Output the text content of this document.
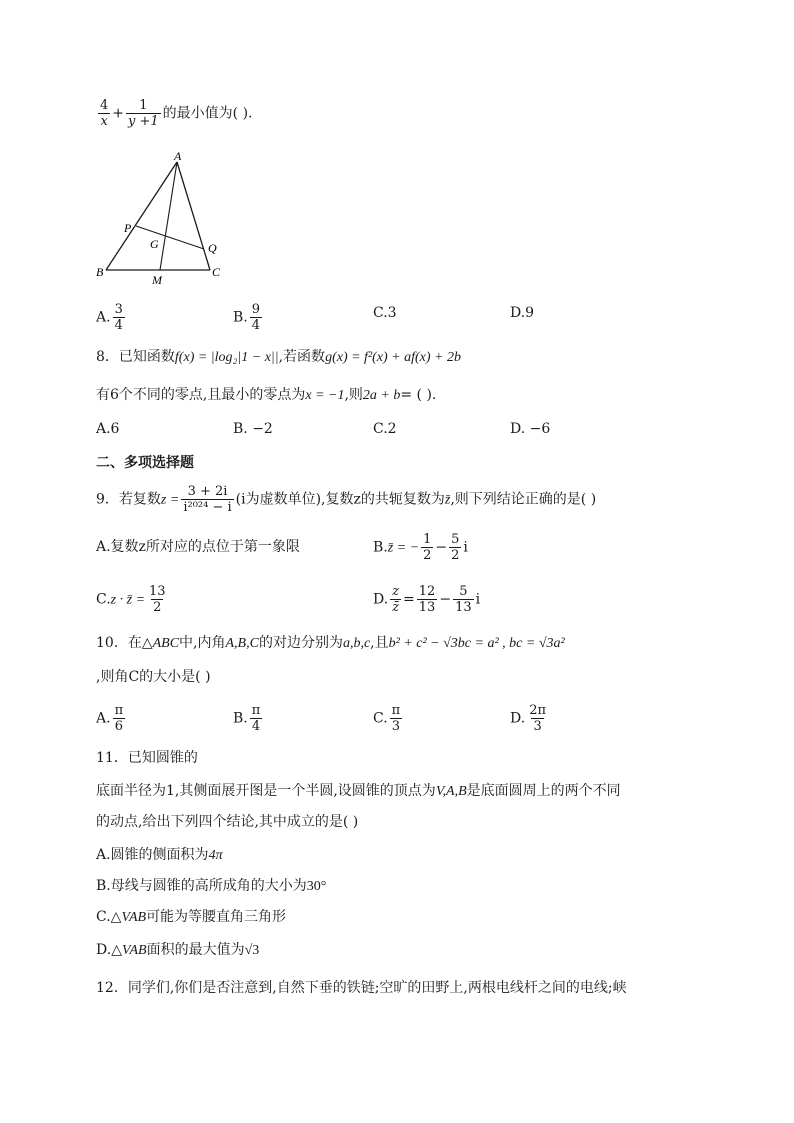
$\frac{4}{x} + \frac{1}{y +1}$ 的最小值为( ).
A
B	C
P
Q
G
M
A. $\frac{3}{4}$	B. $\frac{9}{4}$	C.3	D.9
8．已知函数f(x) = |log₂|1 − x||,若函数g(x) = f²(x) + af(x) + 2b
有6个不同的零点,且最小的零点为x = −1,则2a + b= ( ).
A.6	B. −2	C.2	D. −6
二、多项选择题
9．若复数$z = \frac{3 + 2i}{\text{i²⁰²⁴ − i}} (i$为虚数单位),复数z的共轭复数为z̄,则下列结论正确的是( )
A.复数z所对应的点位于第一象限	B.z̄ = − $\frac{1}{2} - \frac{5}{2}$ i
C.z · z̄ = $\frac{13}{2}$	D. $\frac{z}{z̄} = \frac{12}{13} - \frac{5}{13}$ i
10．在△ABC中,内角A,B,C的对边分别为a,b,c,且b² + c² − √3bc = a² , bc = √3a²
,则角C的大小是( )
A. $\frac{\pi}{6}$	B. $\frac{\pi}{4}$	C. $\frac{\pi}{3}$	D. $\frac{2\pi}{3}$
11．已知圆锥的
底面半径为1,其侧面展开图是一个半圆,设圆锥的顶点为V,A,B是底面圆周上的两个不同
的动点,给出下列四个结论,其中成立的是( )
A.圆锥的侧面积为4π
B.母线与圆锥的高所成角的大小为30°
C.△VAB可能为等腰直角三角形
D.△VAB面积的最大值为√3
12．同学们,你们是否注意到,自然下垂的铁链;空旷的田野上,两根电线杆之间的电线;峡
